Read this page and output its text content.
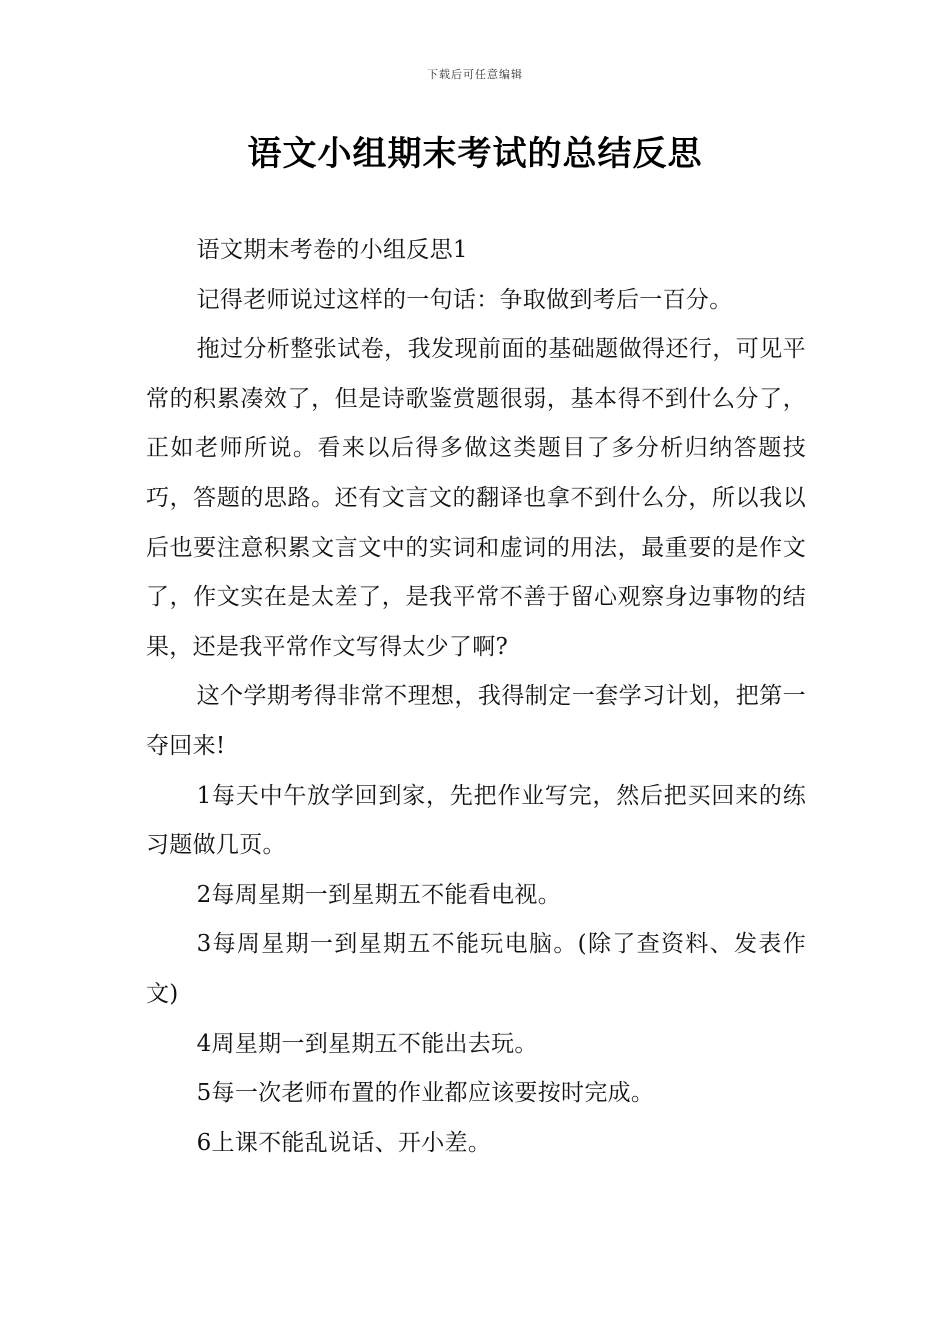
下载后可任意编辑
语文小组期末考试的总结反思

语文期末考卷的小组反思1

记得老师说过这样的一句话：争取做到考后一百分。

拖过分析整张试卷，我发现前面的基础题做得还行，可见平常的积累凑效了，但是诗歌鉴赏题很弱，基本得不到什么分了，正如老师所说。看来以后得多做这类题目了多分析归纳答题技巧，答题的思路。还有文言文的翻译也拿不到什么分，所以我以后也要注意积累文言文中的实词和虚词的用法，最重要的是作文了，作文实在是太差了，是我平常不善于留心观察身边事物的结果，还是我平常作文写得太少了啊?

这个学期考得非常不理想，我得制定一套学习计划，把第一夺回来!

1每天中午放学回到家，先把作业写完，然后把买回来的练习题做几页。

2每周星期一到星期五不能看电视。

3每周星期一到星期五不能玩电脑。(除了查资料、发表作文)

4周星期一到星期五不能出去玩。

5每一次老师布置的作业都应该要按时完成。

6上课不能乱说话、开小差。
